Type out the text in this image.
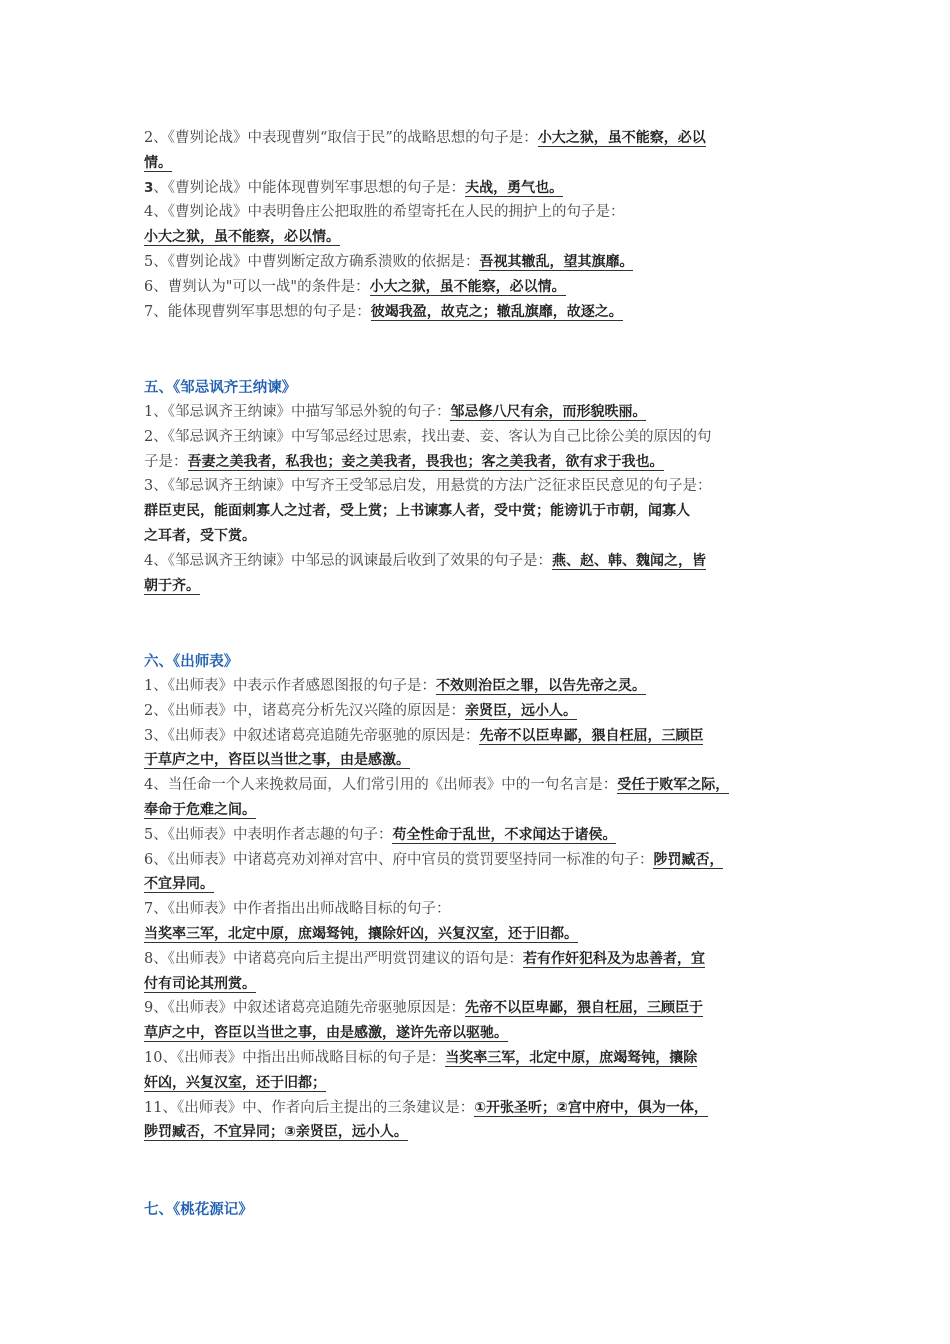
2、《曹刿论战》中表现曹刿“取信于民”的战略思想的句子是：小大之狱，虽不能察，必以
情。
3、《曹刿论战》中能体现曹刿军事思想的句子是：夫战，勇气也。
4、《曹刿论战》中表明鲁庄公把取胜的希望寄托在人民的拥护上的句子是：
小大之狱，虽不能察，必以情。
5、《曹刿论战》中曹刿断定敌方确系溃败的依据是：吾视其辙乱，望其旗靡。
6、曹刿认为"可以一战"的条件是：小大之狱，虽不能察，必以情。
7、能体现曹刿军事思想的句子是：彼竭我盈，故克之；辙乱旗靡，故逐之。
五、《邹忌讽齐王纳谏》
1、《邹忌讽齐王纳谏》中描写邹忌外貌的句子：邹忌修八尺有余，而形貌昳丽。
2、《邹忌讽齐王纳谏》中写邹忌经过思索，找出妻、妾、客认为自己比徐公美的原因的句
子是：吾妻之美我者，私我也；妾之美我者，畏我也；客之美我者，欲有求于我也。
3、《邹忌讽齐王纳谏》中写齐王受邹忌启发，用悬赏的方法广泛征求臣民意见的句子是：
群臣吏民，能面刺寡人之过者，受上赏；上书谏寡人者，受中赏；能谤讥于市朝，闻寡人
之耳者，受下赏。
4、《邹忌讽齐王纳谏》中邹忌的讽谏最后收到了效果的句子是：燕、赵、韩、魏闻之，皆
朝于齐。
六、《出师表》
1、《出师表》中表示作者感恩图报的句子是：不效则治臣之罪，以告先帝之灵。
2、《出师表》中，诸葛亮分析先汉兴隆的原因是：亲贤臣，远小人。
3、《出师表》中叙述诸葛亮追随先帝驱驰的原因是：先帝不以臣卑鄙，猥自枉屈，三顾臣
于草庐之中，咨臣以当世之事，由是感激。
4、当任命一个人来挽救局面，人们常引用的《出师表》中的一句名言是：受任于败军之际，
奉命于危难之间。
5、《出师表》中表明作者志趣的句子：苟全性命于乱世，不求闻达于诸侯。
6、《出师表》中诸葛亮劝刘禅对宫中、府中官员的赏罚要坚持同一标准的句子：陟罚臧否，
不宜异同。
7、《出师表》中作者指出出师战略目标的句子：
当奖率三军，北定中原，庶竭驽钝，攘除奸凶，兴复汉室，还于旧都。
8、《出师表》中诸葛亮向后主提出严明赏罚建议的语句是：若有作奸犯科及为忠善者，宜
付有司论其刑赏。
9、《出师表》中叙述诸葛亮追随先帝驱驰原因是：先帝不以臣卑鄙，猥自枉屈，三顾臣于
草庐之中，咨臣以当世之事，由是感激，遂许先帝以驱驰。
10、《出师表》中指出出师战略目标的句子是：当奖率三军，北定中原，庶竭驽钝，攘除
奸凶，兴复汉室，还于旧都；
11、《出师表》中、作者向后主提出的三条建议是：①开张圣听；②宫中府中，俱为一体，
陟罚臧否，不宜异同；③亲贤臣，远小人。
七、《桃花源记》
